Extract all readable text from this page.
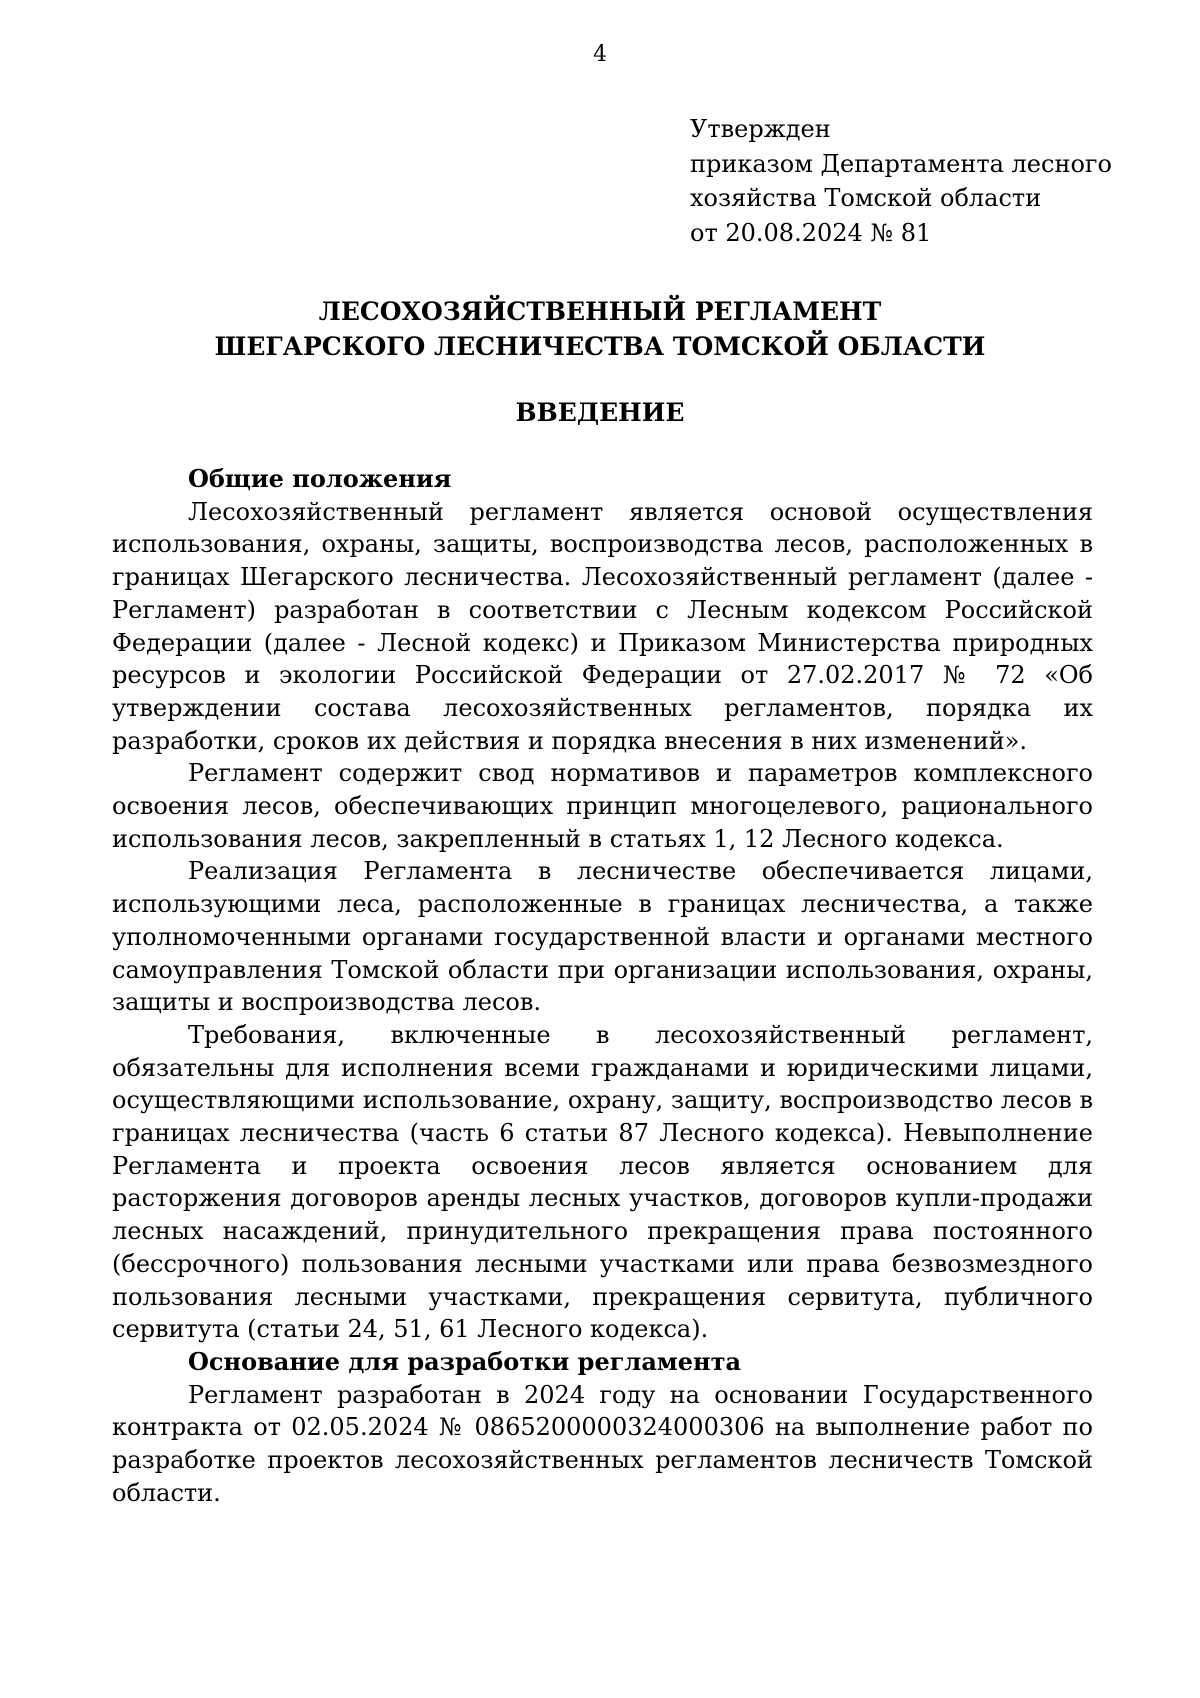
4
Утвержден
приказом Департамента лесного
хозяйства Томской области
от 20.08.2024 № 81
ЛЕСОХОЗЯЙСТВЕННЫЙ РЕГЛАМЕНТ
ШЕГАРСКОГО ЛЕСНИЧЕСТВА ТОМСКОЙ ОБЛАСТИ
ВВЕДЕНИЕ
Общие положения

Лесохозяйственный регламент является основой осуществления использования, охраны, защиты, воспроизводства лесов, расположенных в границах Шегарского лесничества. Лесохозяйственный регламент (далее - Регламент) разработан в соответствии с Лесным кодексом Российской Федерации (далее - Лесной кодекс) и Приказом Министерства природных ресурсов и экологии Российской Федерации от 27.02.2017 № 72 «Об утверждении состава лесохозяйственных регламентов, порядка их разработки, сроков их действия и порядка внесения в них изменений».

Регламент содержит свод нормативов и параметров комплексного освоения лесов, обеспечивающих принцип многоцелевого, рационального использования лесов, закрепленный в статьях 1, 12 Лесного кодекса.

Реализация Регламента в лесничестве обеспечивается лицами, использующими леса, расположенные в границах лесничества, а также уполномоченными органами государственной власти и органами местного самоуправления Томской области при организации использования, охраны, защиты и воспроизводства лесов.

Требования, включенные в лесохозяйственный регламент, обязательны для исполнения всеми гражданами и юридическими лицами, осуществляющими использование, охрану, защиту, воспроизводство лесов в границах лесничества (часть 6 статьи 87 Лесного кодекса). Невыполнение Регламента и проекта освоения лесов является основанием для расторжения договоров аренды лесных участков, договоров купли-продажи лесных насаждений, принудительного прекращения права постоянного (бессрочного) пользования лесными участками или права безвозмездного пользования лесными участками, прекращения сервитута, публичного сервитута (статьи 24, 51, 61 Лесного кодекса).

Основание для разработки регламента

Регламент разработан в 2024 году на основании Государственного контракта от 02.05.2024 № 0865200000324000306 на выполнение работ по разработке проектов лесохозяйственных регламентов лесничеств Томской области.
